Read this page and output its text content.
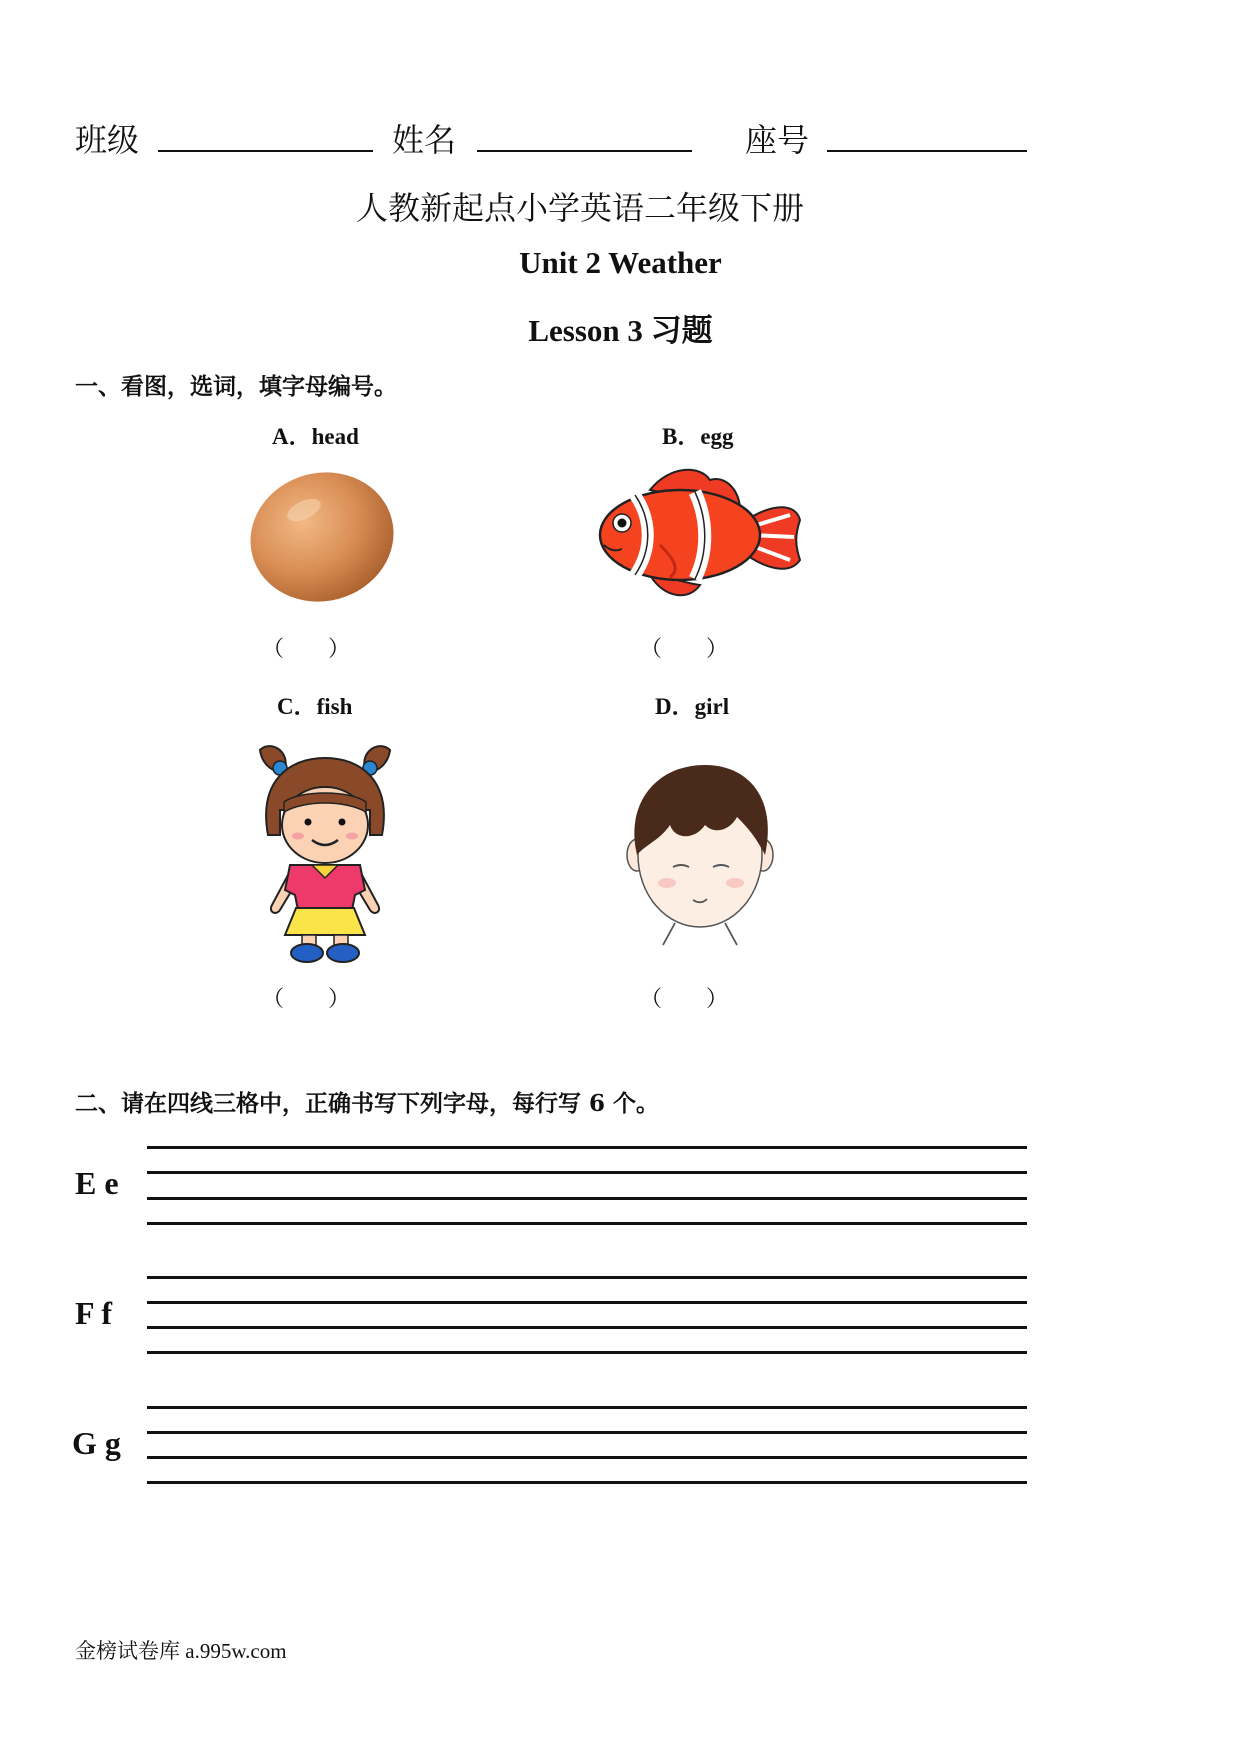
班级	姓名	座号
人教新起点小学英语二年级下册
Unit 2 Weather
Lesson 3 习题
一、看图，选词，填字母编号。
A．head	B．egg
（　　）	（　　）
C．fish	D．girl
（　　）	（　　）
二、请在四线三格中，正确书写下列字母，每行写 6 个。
E e
F f
G g
金榜试卷库 a.995w.com
